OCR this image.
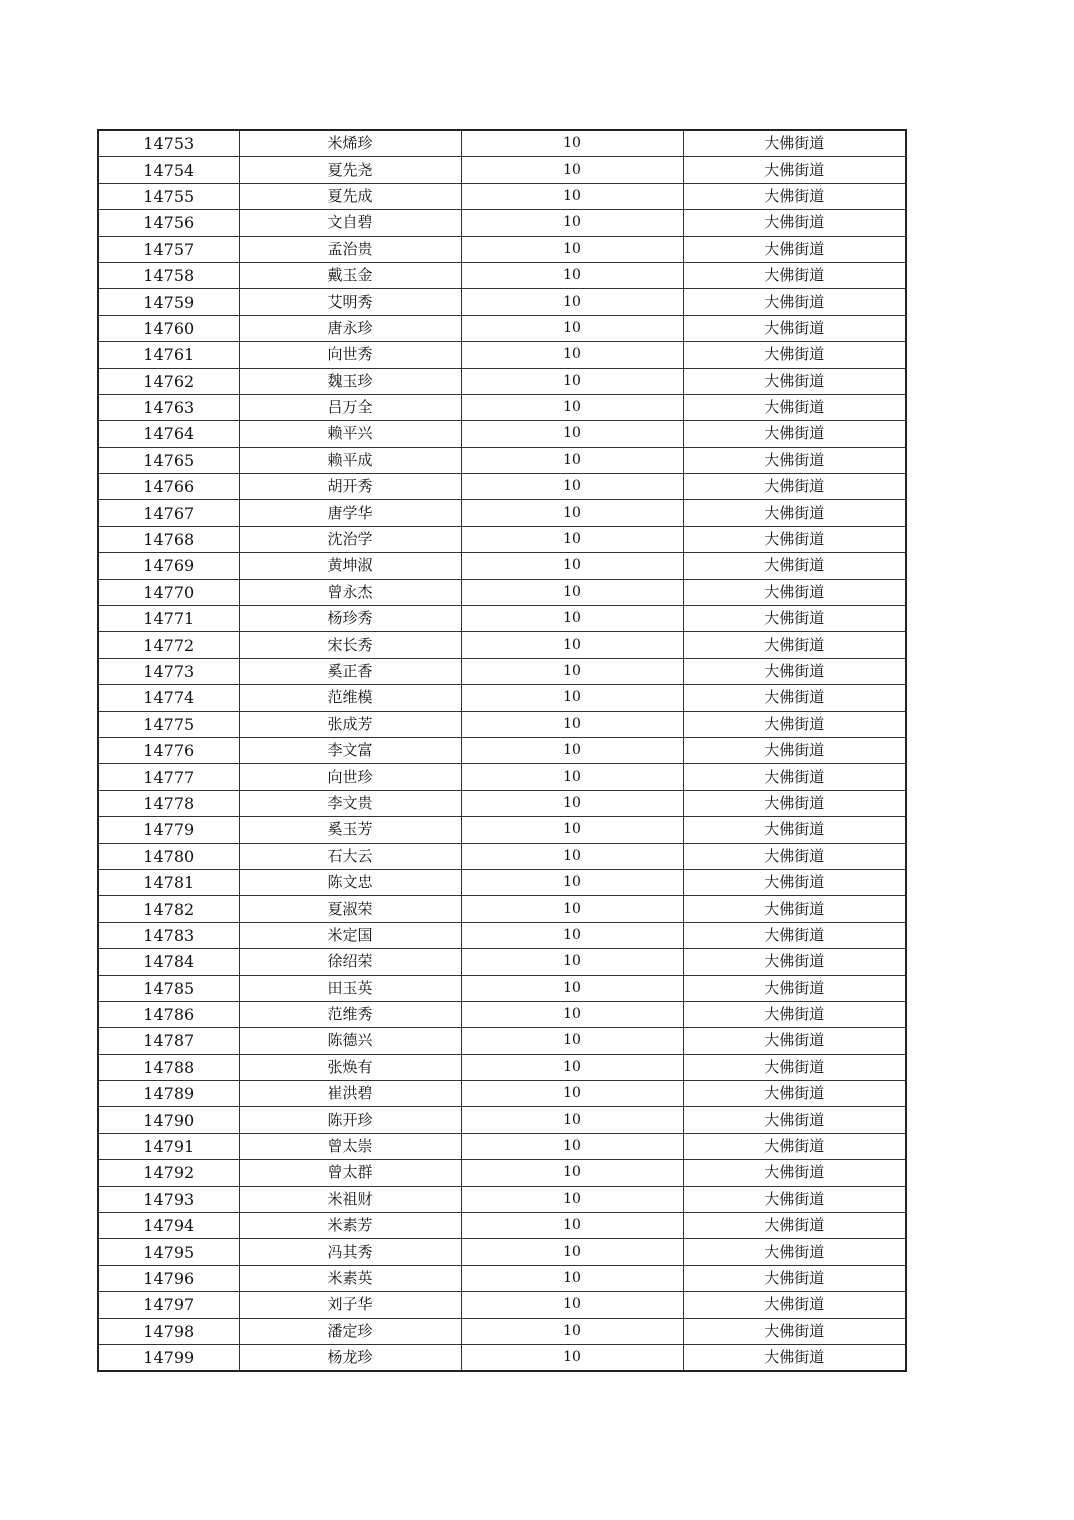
14753	米烯珍	10	大佛街道
14754	夏先尧	10	大佛街道
14755	夏先成	10	大佛街道
14756	文自碧	10	大佛街道
14757	孟治贵	10	大佛街道
14758	戴玉金	10	大佛街道
14759	艾明秀	10	大佛街道
14760	唐永珍	10	大佛街道
14761	向世秀	10	大佛街道
14762	魏玉珍	10	大佛街道
14763	吕万全	10	大佛街道
14764	赖平兴	10	大佛街道
14765	赖平成	10	大佛街道
14766	胡开秀	10	大佛街道
14767	唐学华	10	大佛街道
14768	沈治学	10	大佛街道
14769	黄坤淑	10	大佛街道
14770	曾永杰	10	大佛街道
14771	杨珍秀	10	大佛街道
14772	宋长秀	10	大佛街道
14773	奚正香	10	大佛街道
14774	范维模	10	大佛街道
14775	张成芳	10	大佛街道
14776	李文富	10	大佛街道
14777	向世珍	10	大佛街道
14778	李文贵	10	大佛街道
14779	奚玉芳	10	大佛街道
14780	石大云	10	大佛街道
14781	陈文忠	10	大佛街道
14782	夏淑荣	10	大佛街道
14783	米定国	10	大佛街道
14784	徐绍荣	10	大佛街道
14785	田玉英	10	大佛街道
14786	范维秀	10	大佛街道
14787	陈德兴	10	大佛街道
14788	张焕有	10	大佛街道
14789	崔洪碧	10	大佛街道
14790	陈开珍	10	大佛街道
14791	曾太崇	10	大佛街道
14792	曾太群	10	大佛街道
14793	米祖财	10	大佛街道
14794	米素芳	10	大佛街道
14795	冯其秀	10	大佛街道
14796	米素英	10	大佛街道
14797	刘子华	10	大佛街道
14798	潘定珍	10	大佛街道
14799	杨龙珍	10	大佛街道
